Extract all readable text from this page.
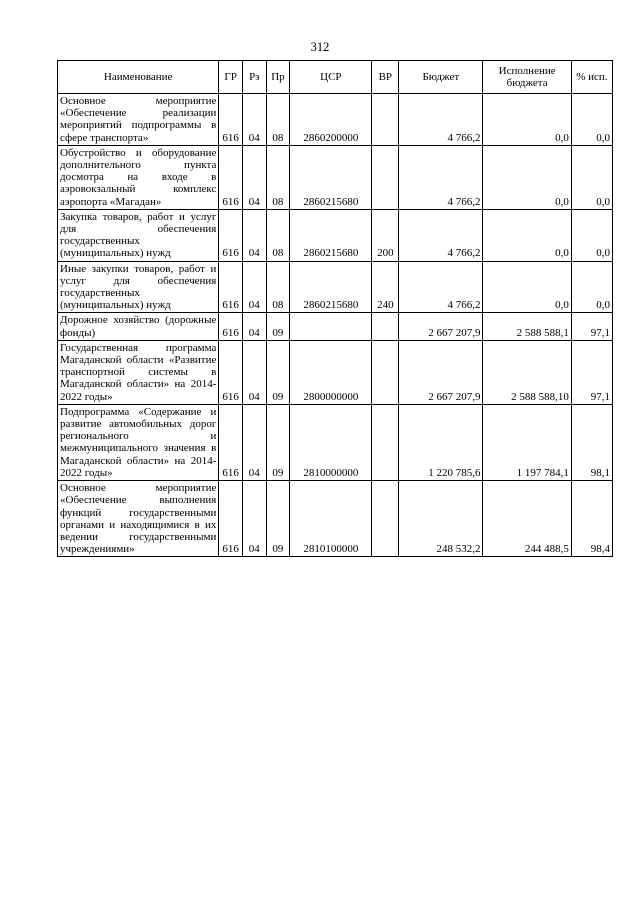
312
Наименование	ГР	Рз	Пр	ЦСР	ВР	Бюджет	Исполнение бюджета	% исп.
Основное мероприятие «Обеспечение реализации мероприятий подпрограммы в сфере транспорта»	616	04	08	2860200000		4 766,2	0,0	0,0
Обустройство и оборудование дополнительного пункта досмотра на входе в аэровокзальный комплекс аэропорта «Магадан»	616	04	08	2860215680		4 766,2	0,0	0,0
Закупка товаров, работ и услуг для обеспечения государственных (муниципальных) нужд	616	04	08	2860215680	200	4 766,2	0,0	0,0
Иные закупки товаров, работ и услуг для обеспечения государственных (муниципальных) нужд	616	04	08	2860215680	240	4 766,2	0,0	0,0
Дорожное хозяйство (дорожные фонды)	616	04	09			2 667 207,9	2 588 588,1	97,1
Государственная программа Магаданской области «Развитие транспортной системы в Магаданской области» на 2014-2022 годы»	616	04	09	2800000000		2 667 207,9	2 588 588,10	97,1
Подпрограмма «Содержание и развитие автомобильных дорог регионального и межмуниципального значения в Магаданской области» на 2014-2022 годы»	616	04	09	2810000000		1 220 785,6	1 197 784,1	98,1
Основное мероприятие «Обеспечение выполнения функций государственными органами и находящимися в их ведении государственными учреждениями»	616	04	09	2810100000		248 532,2	244 488,5	98,4
